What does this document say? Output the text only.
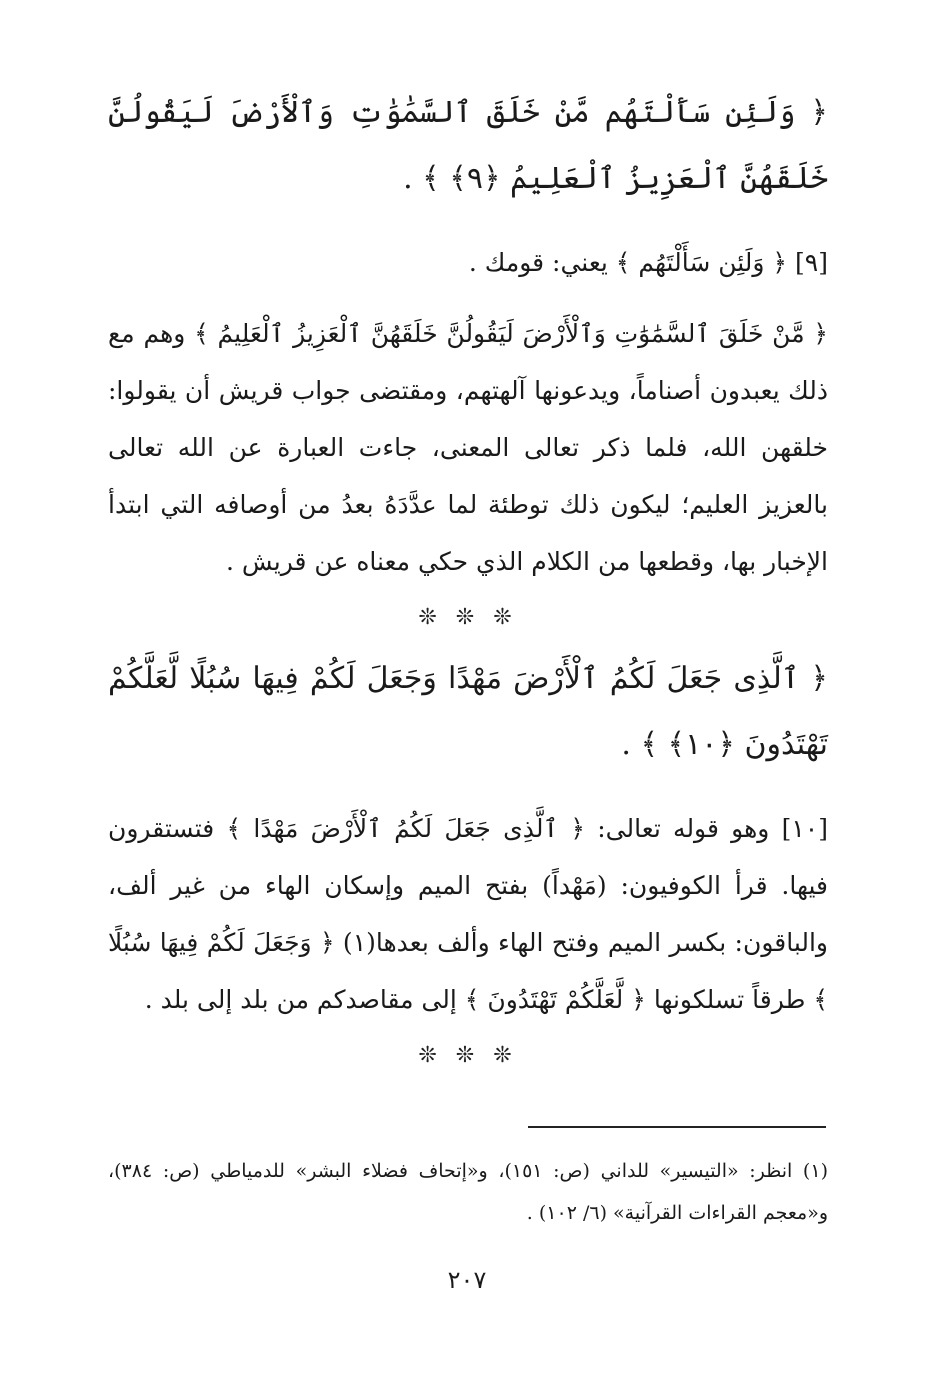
﴿ وَلَئِن سَأَلْتَهُم مَّنْ خَلَقَ ٱلسَّمَٰوَٰتِ وَٱلْأَرْضَ لَيَقُولُنَّ خَلَقَهُنَّ ٱلْعَزِيزُ ٱلْعَلِيمُ ﴿٩﴾ ﴾ .
[٩] ﴿ وَلَئِن سَأَلْتَهُم ﴾ يعني: قومك .
﴿ مَّنْ خَلَقَ ٱلسَّمَٰوَٰتِ وَٱلْأَرْضَ لَيَقُولُنَّ خَلَقَهُنَّ ٱلْعَزِيزُ ٱلْعَلِيمُ ﴾ وهم مع ذلك يعبدون أصناماً، ويدعونها آلهتهم، ومقتضى جواب قريش أن يقولوا: خلقهن الله، فلما ذكر تعالى المعنى، جاءت العبارة عن الله تعالى بالعزيز العليم؛ ليكون ذلك توطئة لما عدَّدَهُ بعدُ من أوصافه التي ابتدأ الإخبار بها، وقطعها من الكلام الذي حكي معناه عن قريش .
❊ ❊ ❊
﴿ ٱلَّذِى جَعَلَ لَكُمُ ٱلْأَرْضَ مَهْدًا وَجَعَلَ لَكُمْ فِيهَا سُبُلًا لَّعَلَّكُمْ تَهْتَدُونَ ﴿١٠﴾ ﴾ .
[١٠] وهو قوله تعالى: ﴿ ٱلَّذِى جَعَلَ لَكُمُ ٱلْأَرْضَ مَهْدًا ﴾ فتستقرون فيها. قرأ الكوفيون: (مَهْداً) بفتح الميم وإسكان الهاء من غير ألف، والباقون: بكسر الميم وفتح الهاء وألف بعدها(١) ﴿ وَجَعَلَ لَكُمْ فِيهَا سُبُلًا ﴾ طرقاً تسلكونها ﴿ لَّعَلَّكُمْ تَهْتَدُونَ ﴾ إلى مقاصدكم من بلد إلى بلد .
❊ ❊ ❊
(١) انظر: «التيسير» للداني (ص: ١٥١)، و«إتحاف فضلاء البشر» للدمياطي (ص: ٣٨٤)، و«معجم القراءات القرآنية» (٦/ ١٠٢) .
٢٠٧
